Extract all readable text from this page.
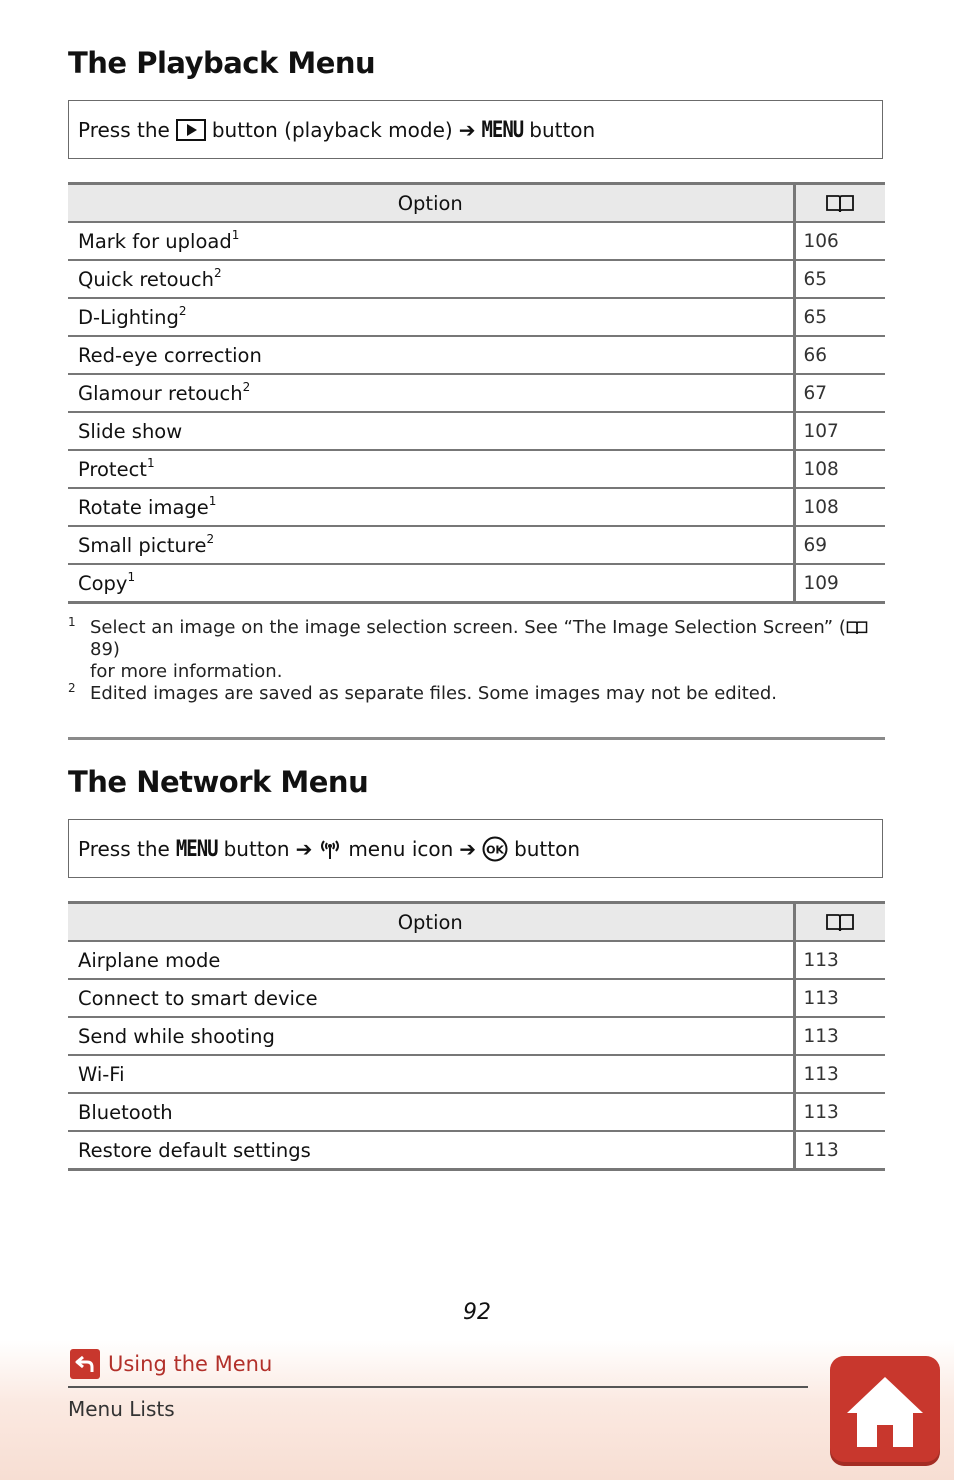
The Playback Menu
Press the button (playback mode) ➔ MENU button
Option	
Mark for upload$^1$	106
Quick retouch$^2$	65
D-Lighting$^2$	65
Red-eye correction	66
Glamour retouch$^2$	67
Slide show	107
Protect$^1$	108
Rotate image$^1$	108
Small picture$^2$	69
Copy$^1$	109
1 Select an image on the image selection screen. See “The Image Selection Screen” (89)
for more information.
2 Edited images are saved as separate files. Some images may not be edited.
The Network Menu
Press the MENU button ➔ menu icon ➔ OK button
Option	
Airplane mode	113
Connect to smart device	113
Send while shooting	113
Wi-Fi	113
Bluetooth	113
Restore default settings	113
92
Using the Menu
Menu Lists
